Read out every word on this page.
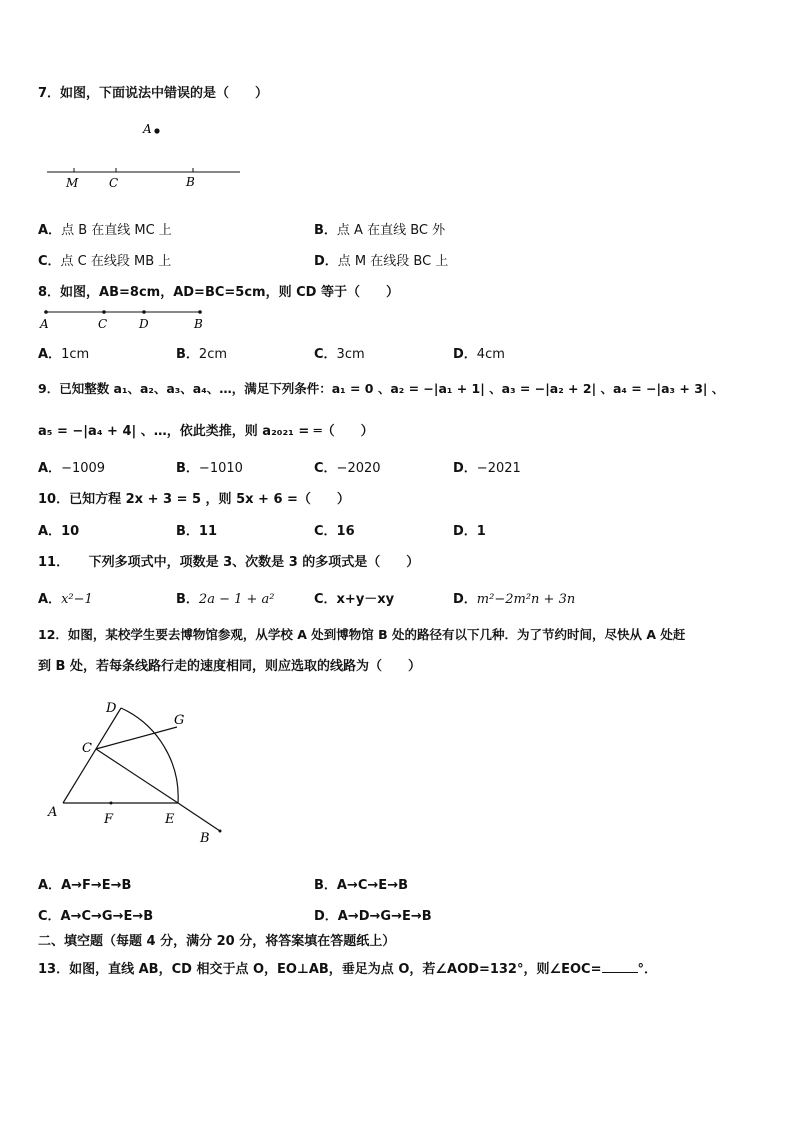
7．如图，下面说法中错误的是（　　）
A
M	C	B
A．点 B 在直线 MC 上	B．点 A 在直线 BC 外
C．点 C 在线段 MB 上	D．点 M 在线段 BC 上
8．如图，AB=8cm，AD=BC=5cm，则 CD 等于（　　）
A	C	D	B
A．1cm	B．2cm	C．3cm	D．4cm
9．已知整数 a₁、a₂、a₃、a₄、…，满足下列条件：a₁ = 0 、a₂ = −|a₁ + 1| 、a₃ = −|a₂ + 2| 、a₄ = −|a₃ + 3| 、
a₅ = −|a₄ + 4| 、…，依此类推，则 a₂₀₂₁ = ═（　　）
A．−1009	B．−1010	C．−2020	D．−2021
10．已知方程 2x + 3 = 5 ，则 5x + 6 =（　　）
A．10	B．11	C．16	D．1
11．　　下列多项式中，项数是 3、次数是 3 的多项式是（　　）
A．x²−1	B．2a − 1 + a²	C．x+y－xy	D．m²−2m²n + 3n
12．如图，某校学生要去博物馆参观，从学校 A 处到博物馆 B 处的路径有以下几种．为了节约时间，尽快从 A 处赶
到 B 处，若每条线路行走的速度相同，则应选取的线路为（　　）
A	F	E
B
C
D
G
A．A→F→E→B	B．A→C→E→B
C．A→C→G→E→B	D．A→D→G→E→B
二、填空题（每题 4 分，满分 20 分，将答案填在答题纸上）
13．如图，直线 AB，CD 相交于点 O，EO⊥AB，垂足为点 O，若∠AOD=132°，则∠EOC=	°．
